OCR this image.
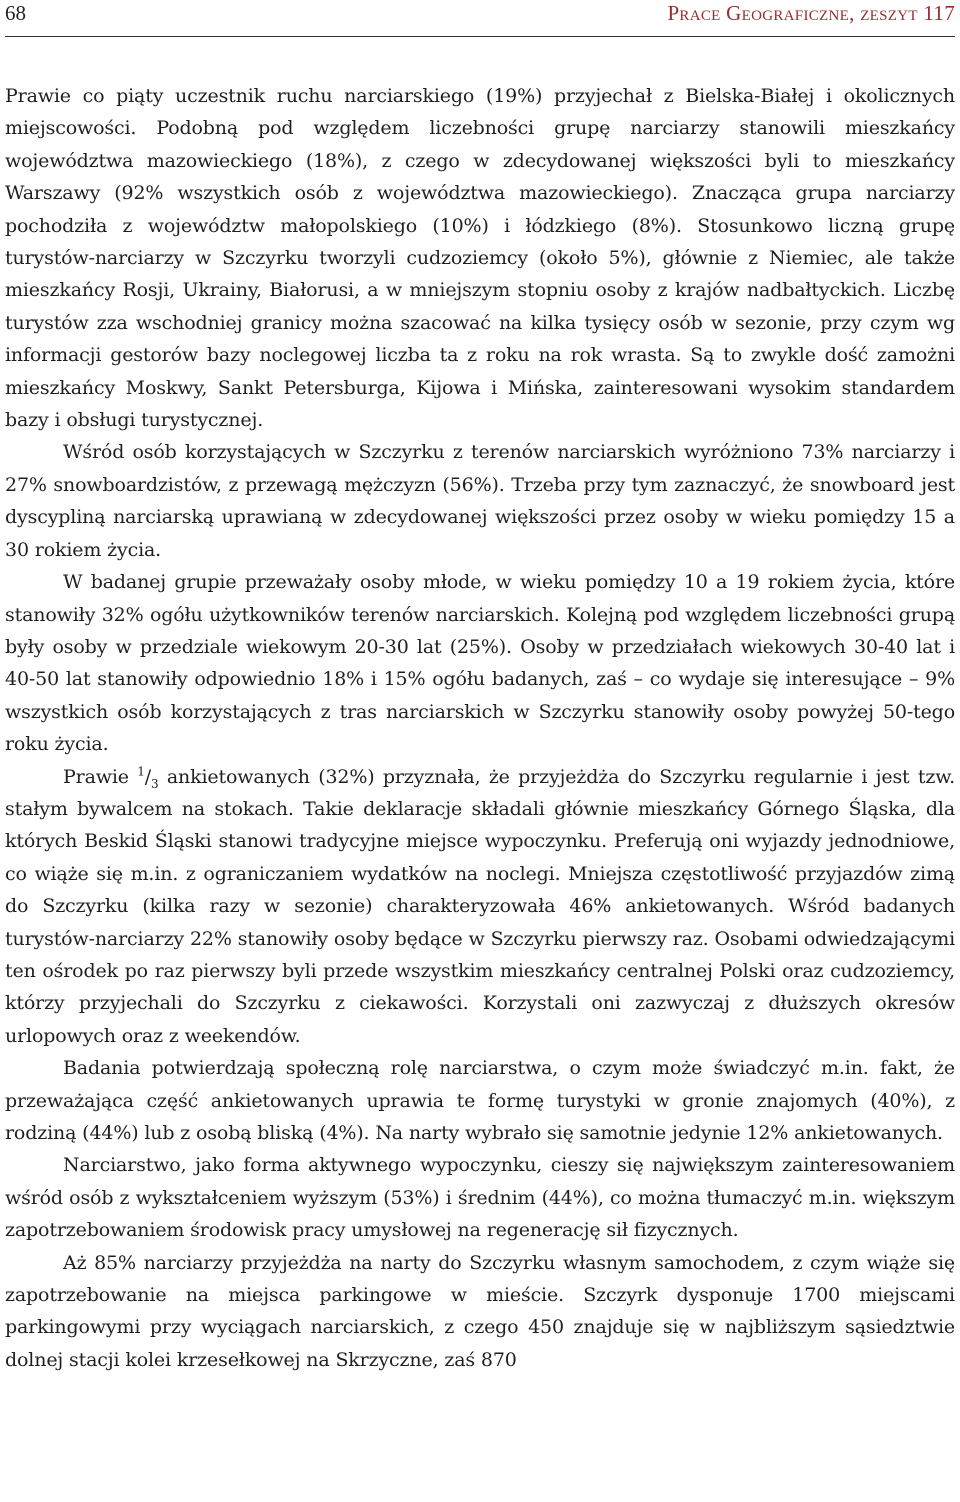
68	Prace Geograficzne, zeszyt 117

Prawie co piąty uczestnik ruchu narciarskiego (19%) przyjechał z Bielska-Białej i okolicznych miejscowości. Podobną pod względem liczebności grupę narciarzy stanowili mieszkańcy województwa mazowieckiego (18%), z czego w zdecydowanej większości byli to mieszkańcy Warszawy (92% wszystkich osób z województwa mazowieckiego). Znacząca grupa narciarzy pochodziła z województw małopolskiego (10%) i łódzkiego (8%). Stosunkowo liczną grupę turystów-narciarzy w Szczyrku tworzyli cudzoziemcy (około 5%), głównie z Niemiec, ale także mieszkańcy Rosji, Ukrainy, Białorusi, a w mniejszym stopniu osoby z krajów nadbałtyckich. Liczbę turystów zza wschodniej granicy można szacować na kilka tysięcy osób w sezonie, przy czym wg informacji gestorów bazy noclegowej liczba ta z roku na rok wrasta. Są to zwykle dość zamożni mieszkańcy Moskwy, Sankt Petersburga, Kijowa i Mińska, zainteresowani wysokim standardem bazy i obsługi turystycznej.

Wśród osób korzystających w Szczyrku z terenów narciarskich wyróżniono 73% narciarzy i 27% snowboardzistów, z przewagą mężczyzn (56%). Trzeba przy tym zaznaczyć, że snowboard jest dyscypliną narciarską uprawianą w zdecydowanej większości przez osoby w wieku pomiędzy 15 a 30 rokiem życia.

W badanej grupie przeważały osoby młode, w wieku pomiędzy 10 a 19 rokiem życia, które stanowiły 32% ogółu użytkowników terenów narciarskich. Kolejną pod względem liczebności grupą były osoby w przedziale wiekowym 20-30 lat (25%). Osoby w przedziałach wiekowych 30-40 lat i 40-50 lat stanowiły odpowiednio 18% i 15% ogółu badanych, zaś – co wydaje się interesujące – 9% wszystkich osób korzystających z tras narciarskich w Szczyrku stanowiły osoby powyżej 50-tego roku życia.

Prawie $^1/_3$ ankietowanych (32%) przyznała, że przyjeżdża do Szczyrku regularnie i jest tzw. stałym bywalcem na stokach. Takie deklaracje składali głównie mieszkańcy Górnego Śląska, dla których Beskid Śląski stanowi tradycyjne miejsce wypoczynku. Preferują oni wyjazdy jednodniowe, co wiąże się m.in. z ograniczaniem wydatków na noclegi. Mniejsza częstotliwość przyjazdów zimą do Szczyrku (kilka razy w sezonie) charakteryzowała 46% ankietowanych. Wśród badanych turystów-narciarzy 22% stanowiły osoby będące w Szczyrku pierwszy raz. Osobami odwiedzającymi ten ośrodek po raz pierwszy byli przede wszystkim mieszkańcy centralnej Polski oraz cudzoziemcy, którzy przyjechali do Szczyrku z ciekawości. Korzystali oni zazwyczaj z dłuższych okresów urlopowych oraz z weekendów.

Badania potwierdzają społeczną rolę narciarstwa, o czym może świadczyć m.in. fakt, że przeważająca część ankietowanych uprawia te formę turystyki w gronie znajomych (40%), z rodziną (44%) lub z osobą bliską (4%). Na narty wybrało się samotnie jedynie 12% ankietowanych.

Narciarstwo, jako forma aktywnego wypoczynku, cieszy się największym zainteresowaniem wśród osób z wykształceniem wyższym (53%) i średnim (44%), co można tłumaczyć m.in. większym zapotrzebowaniem środowisk pracy umysłowej na regenerację sił fizycznych.

Aż 85% narciarzy przyjeżdża na narty do Szczyrku własnym samochodem, z czym wiąże się zapotrzebowanie na miejsca parkingowe w mieście. Szczyrk dysponuje 1700 miejscami parkingowymi przy wyciągach narciarskich, z czego 450 znajduje się w najbliższym sąsiedztwie dolnej stacji kolei krzesełkowej na Skrzyczne, zaś 870
